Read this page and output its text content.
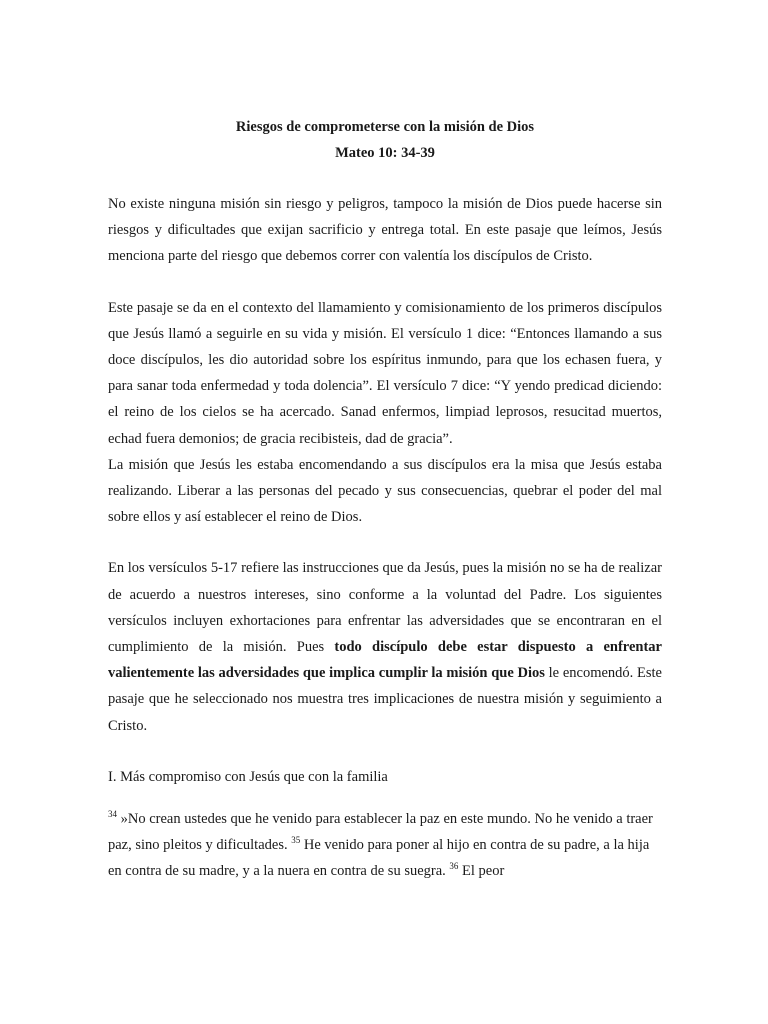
Riesgos de comprometerse con la misión de Dios
Mateo 10: 34-39

No existe ninguna misión sin riesgo y peligros, tampoco la misión de Dios puede hacerse sin riesgos y dificultades que exijan sacrificio y entrega total. En este pasaje que leímos, Jesús menciona parte del riesgo que debemos correr con valentía los discípulos de Cristo.

Este pasaje se da en el contexto del llamamiento y comisionamiento de los primeros discípulos que Jesús llamó a seguirle en su vida y misión. El versículo 1 dice: “Entonces llamando a sus doce discípulos, les dio autoridad sobre los espíritus inmundo, para que los echasen fuera, y para sanar toda enfermedad y toda dolencia”. El versículo 7 dice: “Y yendo predicad diciendo: el reino de los cielos se ha acercado. Sanad enfermos, limpiad leprosos, resucitad muertos, echad fuera demonios; de gracia recibisteis, dad de gracia”.

La misión que Jesús les estaba encomendando a sus discípulos era la misa que Jesús estaba realizando. Liberar a las personas del pecado y sus consecuencias, quebrar el poder del mal sobre ellos y así establecer el reino de Dios.

En los versículos 5-17 refiere las instrucciones que da Jesús, pues la misión no se ha de realizar de acuerdo a nuestros intereses, sino conforme a la voluntad del Padre. Los siguientes versículos incluyen exhortaciones para enfrentar las adversidades que se encontraran en el cumplimiento de la misión. Pues todo discípulo debe estar dispuesto a enfrentar valientemente las adversidades que implica cumplir la misión que Dios le encomendó. Este pasaje que he seleccionado nos muestra tres implicaciones de nuestra misión y seguimiento a Cristo.

I. Más compromiso con Jesús que con la familia

$^{34}$ »No crean ustedes que he venido para establecer la paz en este mundo. No he venido a traer paz, sino pleitos y dificultades. $^{35}$ He venido para poner al hijo en contra de su padre, a la hija en contra de su madre, y a la nuera en contra de su suegra. $^{36}$ El peor
